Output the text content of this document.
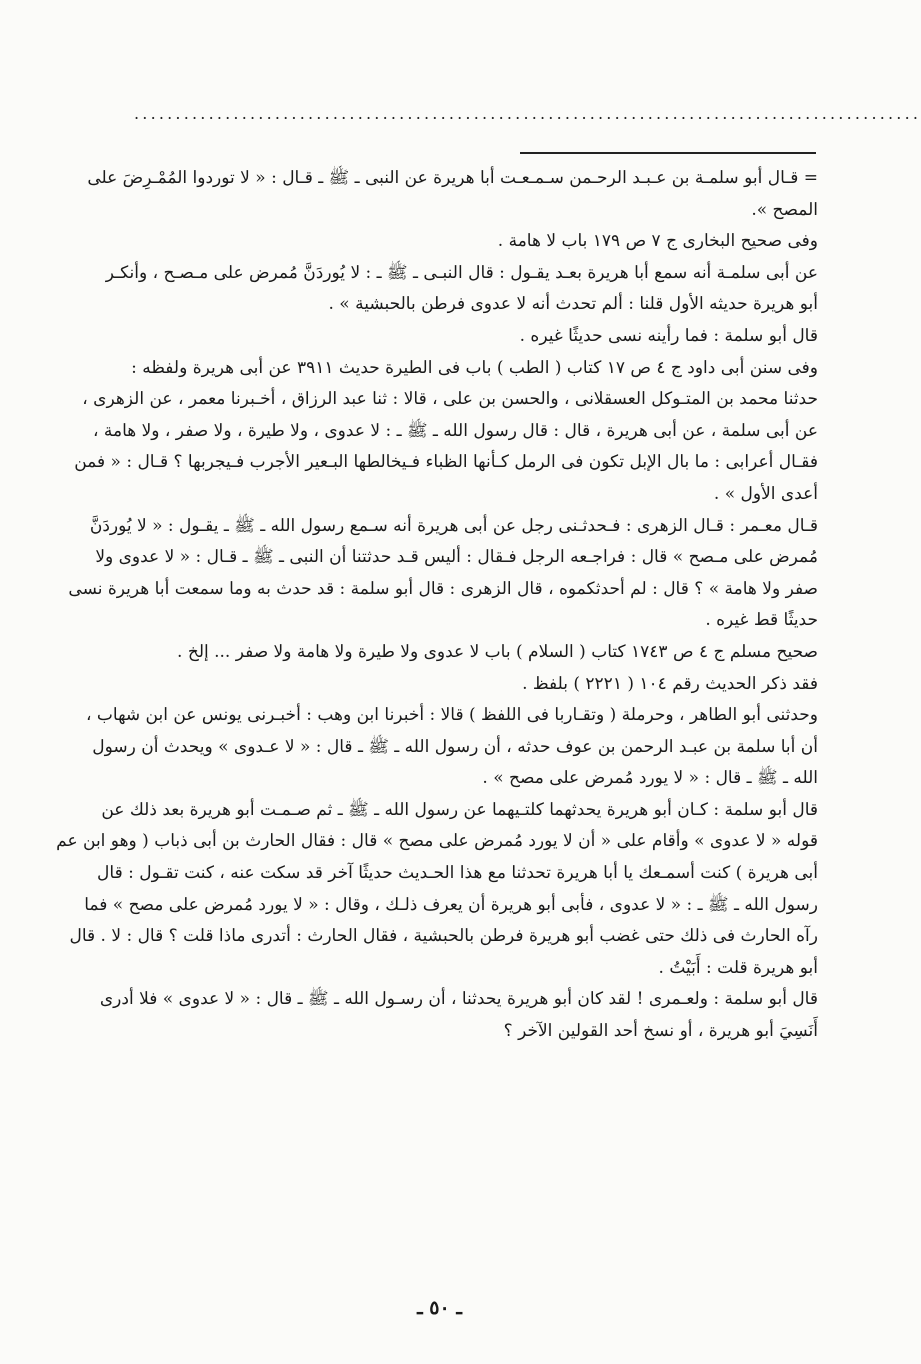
...............................................................................................
= قـال أبو سلمـة بن عـبـد الرحـمن سـمـعـت أبا هريرة عن النبى ـ ﷺ ـ قـال : « لا توردوا المُمْـرِضَ على
المصح ».
وفى صحيح البخارى ج ٧ ص ١٧٩ باب لا هامة .
عن أبى سلمـة أنه سمع أبا هريرة بعـد يقـول : قال النبـى ـ ﷺ ـ : لا يُوردَنَّ مُمرض على مـصـح ، وأنكـر
أبو هريرة حديثه الأول قلنا : ألم تحدث أنه لا عدوى فرطن بالحبشية » .
قال أبو سلمة : فما رأينه نسى حديثًا غيره .
وفى سنن أبى داود ج ٤ ص ١٧ كتاب ( الطب ) باب فى الطيرة حديث ٣٩١١ عن أبى هريرة ولفظه :
حدثنا محمد بن المتـوكل العسقلانى ، والحسن بن على ، قالا : ثنا عبد الرزاق ، أخـبرنا معمر ، عن الزهرى ،
عن أبى سلمة ، عن أبى هريرة ، قال : قال رسول الله ـ ﷺ ـ : لا عدوى ، ولا طيرة ، ولا صفر ، ولا هامة ،
فقـال أعرابى : ما بال الإبل تكون فى الرمل كـأنها الظباء فـيخالطها البـعير الأجرب فـيجربها ؟ قـال : « فمن
أعدى الأول » .
قـال معـمر : قـال الزهرى : فـحدثـنى رجل عن أبى هريرة أنه سـمع رسول الله ـ ﷺ ـ يقـول : « لا يُوردَنَّ
مُمرض على مـصح » قال : فراجـعه الرجل فـقال : أليس قـد حدثتنا أن النبى ـ ﷺ ـ قـال : « لا عدوى ولا
صفر ولا هامة » ؟ قال : لم أحدثكموه ، قال الزهرى : قال أبو سلمة : قد حدث به وما سمعت أبا هريرة نسى
حديثًا قط غيره .
صحيح مسلم ج ٤ ص ١٧٤٣ كتاب ( السلام ) باب لا عدوى ولا طيرة ولا هامة ولا صفر ... إلخ .
فقد ذكر الحديث رقم ١٠٤ ( ٢٢٢١ ) بلفظ .
وحدثنى أبو الطاهر ، وحرملة ( وتقـاربا فى اللفظ ) قالا : أخبرنا ابن وهب : أخبـرنى يونس عن ابن شهاب ،
أن أبا سلمة بن عبـد الرحمن بن عوف حدثه ، أن رسول الله ـ ﷺ ـ قال : « لا عـدوى » ويحدث أن رسول
الله ـ ﷺ ـ قال : « لا يورد مُمرض على مصح » .
قال أبو سلمة : كـان أبو هريرة يحدثهما كلتـيهما عن رسول الله ـ ﷺ ـ ثم صـمـت أبو هريرة بعد ذلك عن
قوله « لا عدوى » وأقام على « أن لا يورد مُمرض على مصح » قال : فقال الحارث بن أبى ذباب ( وهو ابن عم
أبى هريرة ) كنت أسمـعك يا أبا هريرة تحدثنا مع هذا الحـديث حديثًا آخر قد سكت عنه ، كنت تقـول : قال
رسول الله ـ ﷺ ـ : « لا عدوى ، فأبى أبو هريرة أن يعرف ذلـك ، وقال : « لا يورد مُمرض على مصح » فما
رآه الحارث فى ذلك حتى غضب أبو هريرة فرطن بالحبشية ، فقال الحارث : أتدرى ماذا قلت ؟ قال : لا . قال
أبو هريرة قلت : أَبَيْتُ .
قال أبو سلمة : ولعـمرى ! لقد كان أبو هريرة يحدثنا ، أن رسـول الله ـ ﷺ ـ قال : « لا عدوى » فلا أدرى
أَنَسِيَ أبو هريرة ، أو نسخ أحد القولين الآخر ؟
ـ ٥٠ ـ
